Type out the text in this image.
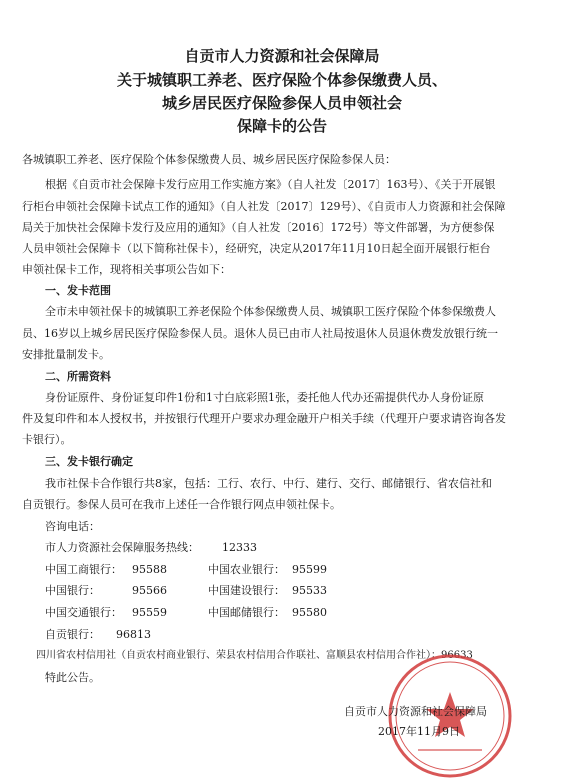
自贡市人力资源和社会保障局
关于城镇职工养老、医疗保险个体参保缴费人员、
城乡居民医疗保险参保人员申领社会
保障卡的公告

各城镇职工养老、医疗保险个体参保缴费人员、城乡居民医疗保险参保人员：

根据《自贡市社会保障卡发行应用工作实施方案》（自人社发〔2017〕163号）、《关于开展银

行柜台申领社会保障卡试点工作的通知》（自人社发〔2017〕129号）、《自贡市人力资源和社会保障

局关于加快社会保障卡发行及应用的通知》（自人社发〔2016〕172号）等文件部署，为方便参保

人员申领社会保障卡（以下简称社保卡），经研究，决定从2017年11月10日起全面开展银行柜台

申领社保卡工作，现将相关事项公告如下：

一、发卡范围

全市未申领社保卡的城镇职工养老保险个体参保缴费人员、城镇职工医疗保险个体参保缴费人

员、16岁以上城乡居民医疗保险参保人员。退休人员已由市人社局按退休人员退休费发放银行统一

安排批量制发卡。

二、所需资料

身份证原件、身份证复印件1份和1寸白底彩照1张，委托他人代办还需提供代办人身份证原

件及复印件和本人授权书，并按银行代理开户要求办理金融开户相关手续（代理开户要求请咨询各发

卡银行）。

三、发卡银行确定

我市社保卡合作银行共8家，包括：工行、农行、中行、建行、交行、邮储银行、省农信社和

自贡银行。参保人员可在我市上述任一合作银行网点申领社保卡。

咨询电话：

市人力资源社会保障服务热线： 12333

中国工商银行： 95588	中国农业银行： 95599

中国银行：	95566	中国建设银行： 95533

中国交通银行： 95559	中国邮储银行： 95580

自贡银行： 96813

四川省农村信用社（自贡农村商业银行、荣县农村信用合作联社、富顺县农村信用合作社）：96633

特此公告。

自贡市人力资源和社会保障局

2017年11月9日
